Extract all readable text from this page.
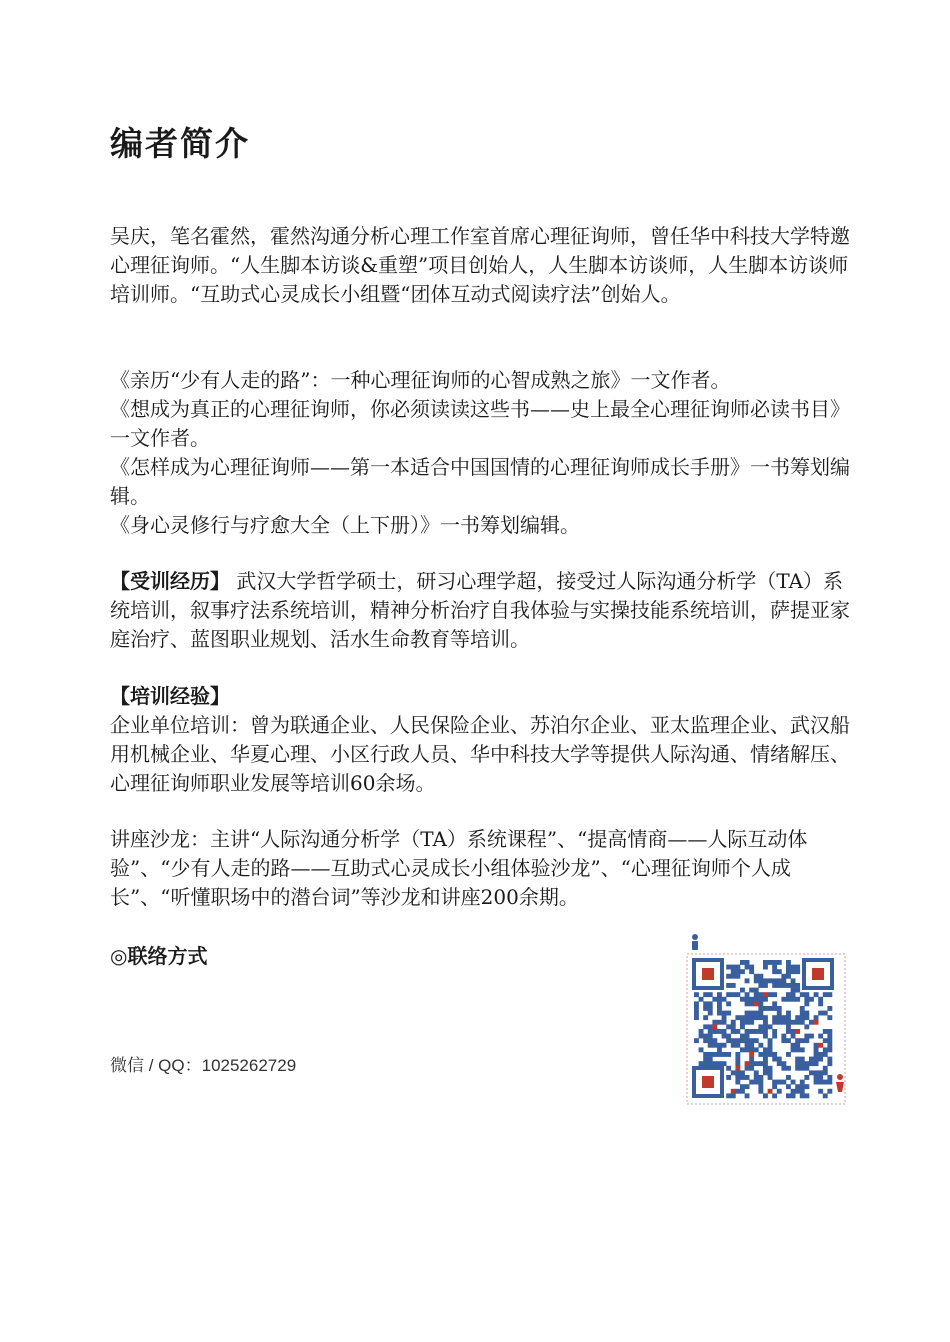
编者简介

吴庆，笔名霍然，霍然沟通分析心理工作室首席心理征询师，曾任华中科技大学特邀心理征询师。“人生脚本访谈&重塑”项目创始人，人生脚本访谈师，人生脚本访谈师培训师。“互助式心灵成长小组暨“团体互动式阅读疗法”创始人。

《亲历“少有人走的路”：一种心理征询师的心智成熟之旅》一文作者。
《想成为真正的心理征询师，你必须读读这些书——史上最全心理征询师必读书目》一文作者。
《怎样成为心理征询师——第一本适合中国国情的心理征询师成长手册》一书筹划编辑。
《身心灵修行与疗愈大全（上下册）》一书筹划编辑。

【受训经历】 武汉大学哲学硕士，研习心理学超，接受过人际沟通分析学（TA）系统培训，叙事疗法系统培训，精神分析治疗自我体验与实操技能系统培训，萨提亚家庭治疗、蓝图职业规划、活水生命教育等培训。

【培训经验】
企业单位培训：曾为联通企业、人民保险企业、苏泊尔企业、亚太监理企业、武汉船用机械企业、华夏心理、小区行政人员、华中科技大学等提供人际沟通、情绪解压、心理征询师职业发展等培训60余场。

讲座沙龙：主讲“人际沟通分析学（TA）系统课程”、“提高情商——人际互动体验”、“少有人走的路——互助式心灵成长小组体验沙龙”、“心理征询师个人成长”、“听懂职场中的潜台词”等沙龙和讲座200余期。

◎联络方式

微信 / QQ：1025262729
